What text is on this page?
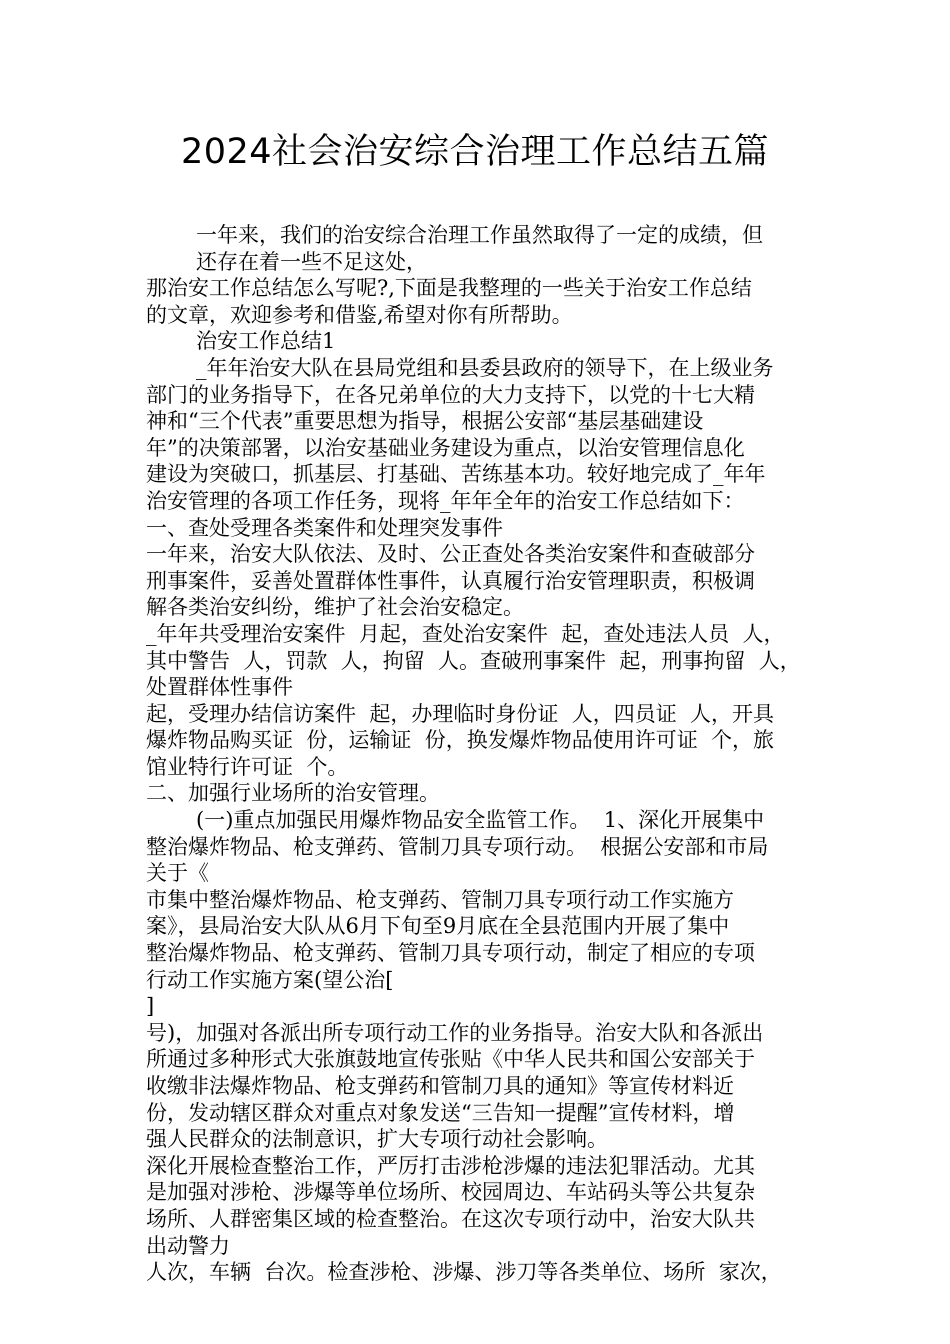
2024社会治安综合治理工作总结五篇
一年来，我们的治安综合治理工作虽然取得了一定的成绩，但
还存在着一些不足这处，
那治安工作总结怎么写呢?,下面是我整理的一些关于治安工作总结
的文章，欢迎参考和借鉴,希望对你有所帮助。
治安工作总结1
_年年治安大队在县局党组和县委县政府的领导下，在上级业务
部门的业务指导下，在各兄弟单位的大力支持下，以党的十七大精
神和“三个代表”重要思想为指导，根据公安部“基层基础建设
年”的决策部署，以治安基础业务建设为重点，以治安管理信息化
建设为突破口，抓基层、打基础、苦练基本功。较好地完成了_年年
治安管理的各项工作任务，现将_年年全年的治安工作总结如下：
一、查处受理各类案件和处理突发事件
一年来，治安大队依法、及时、公正查处各类治安案件和查破部分
刑事案件，妥善处置群体性事件，认真履行治安管理职责，积极调
解各类治安纠纷，维护了社会治安稳定。
_年年共受理治安案件  月起，查处治安案件  起，查处违法人员  人，
其中警告  人，罚款  人，拘留  人。查破刑事案件  起，刑事拘留  人，
处置群体性事件
起，受理办结信访案件  起，办理临时身份证  人，四员证  人，开具
爆炸物品购买证  份，运输证  份，换发爆炸物品使用许可证  个，旅
馆业特行许可证  个。
二、加强行业场所的治安管理。
(一)重点加强民用爆炸物品安全监管工作。  1、深化开展集中
整治爆炸物品、枪支弹药、管制刀具专项行动。  根据公安部和市局
关于《
市集中整治爆炸物品、枪支弹药、管制刀具专项行动工作实施方
案》，县局治安大队从6月下旬至9月底在全县范围内开展了集中
整治爆炸物品、枪支弹药、管制刀具专项行动，制定了相应的专项
行动工作实施方案(望公治[
]
号)，加强对各派出所专项行动工作的业务指导。治安大队和各派出
所通过多种形式大张旗鼓地宣传张贴《中华人民共和国公安部关于
收缴非法爆炸物品、枪支弹药和管制刀具的通知》等宣传材料近
份，发动辖区群众对重点对象发送“三告知一提醒”宣传材料，增
强人民群众的法制意识，扩大专项行动社会影响。
深化开展检查整治工作，严厉打击涉枪涉爆的违法犯罪活动。尤其
是加强对涉枪、涉爆等单位场所、校园周边、车站码头等公共复杂
场所、人群密集区域的检查整治。在这次专项行动中，治安大队共
出动警力
人次，车辆  台次。检查涉枪、涉爆、涉刀等各类单位、场所  家次，
